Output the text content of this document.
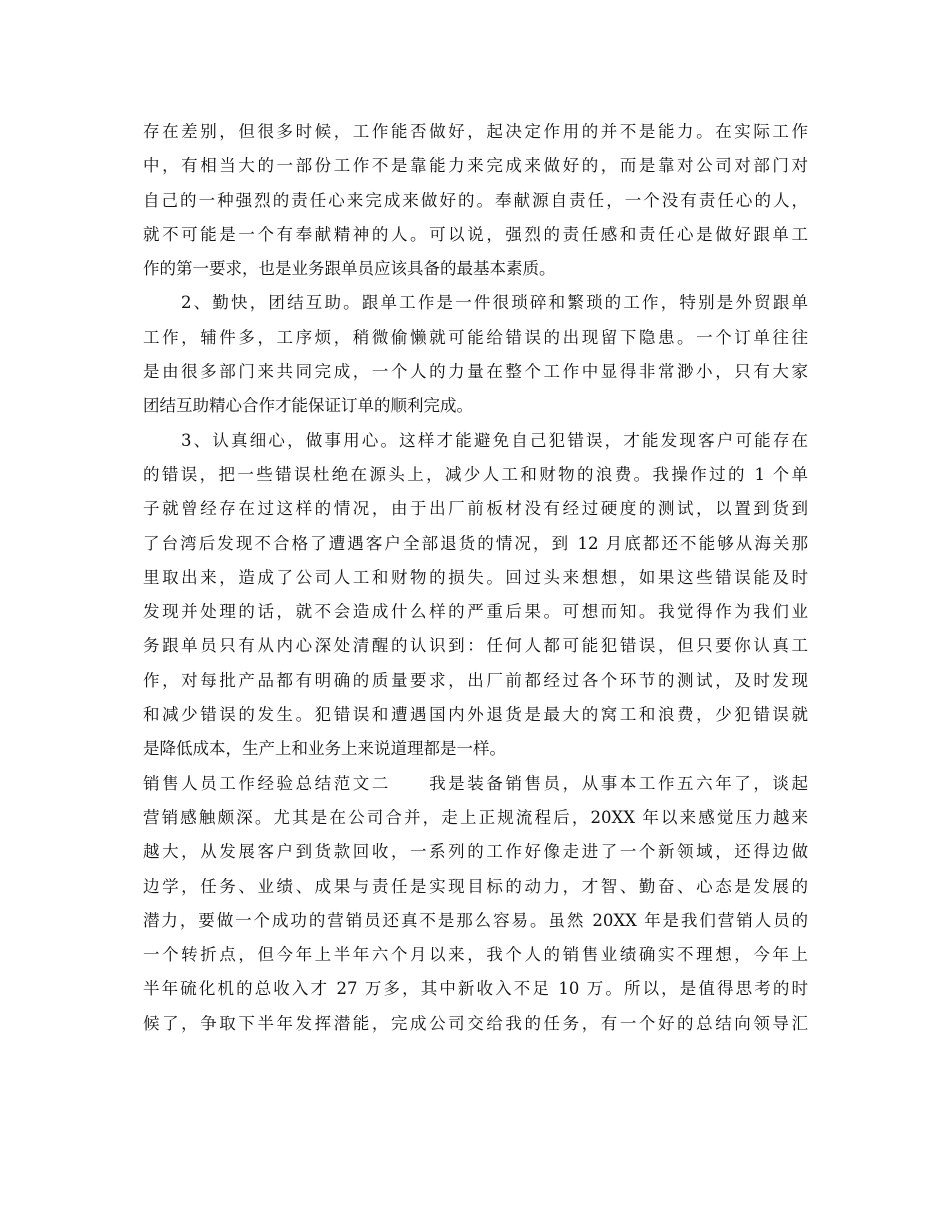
存在差别，但很多时候，工作能否做好，起决定作用的并不是能力。在实际工作
中，有相当大的一部份工作不是靠能力来完成来做好的，而是靠对公司对部门对
自己的一种强烈的责任心来完成来做好的。奉献源自责任，一个没有责任心的人，
就不可能是一个有奉献精神的人。可以说，强烈的责任感和责任心是做好跟单工
作的第一要求，也是业务跟单员应该具备的最基本素质。
2、勤快，团结互助。跟单工作是一件很琐碎和繁琐的工作，特别是外贸跟单
工作，辅件多，工序烦，稍微偷懒就可能给错误的出现留下隐患。一个订单往往
是由很多部门来共同完成，一个人的力量在整个工作中显得非常渺小，只有大家
团结互助精心合作才能保证订单的顺利完成。
3、认真细心，做事用心。这样才能避免自己犯错误，才能发现客户可能存在
的错误，把一些错误杜绝在源头上，减少人工和财物的浪费。我操作过的 1 个单
子就曾经存在过这样的情况，由于出厂前板材没有经过硬度的测试，以置到货到
了台湾后发现不合格了遭遇客户全部退货的情况，到 12 月底都还不能够从海关那
里取出来，造成了公司人工和财物的损失。回过头来想想，如果这些错误能及时
发现并处理的话，就不会造成什么样的严重后果。可想而知。我觉得作为我们业
务跟单员只有从内心深处清醒的认识到：任何人都可能犯错误，但只要你认真工
作，对每批产品都有明确的质量要求，出厂前都经过各个环节的测试，及时发现
和减少错误的发生。犯错误和遭遇国内外退货是最大的窝工和浪费，少犯错误就
是降低成本，生产上和业务上来说道理都是一样。
销售人员工作经验总结范文二　　我是装备销售员，从事本工作五六年了，谈起
营销感触颇深。尤其是在公司合并，走上正规流程后，20XX 年以来感觉压力越来
越大，从发展客户到货款回收，一系列的工作好像走进了一个新领域，还得边做
边学，任务、业绩、成果与责任是实现目标的动力，才智、勤奋、心态是发展的
潜力，要做一个成功的营销员还真不是那么容易。虽然 20XX 年是我们营销人员的
一个转折点，但今年上半年六个月以来，我个人的销售业绩确实不理想，今年上
半年硫化机的总收入才 27 万多，其中新收入不足 10 万。所以，是值得思考的时
候了，争取下半年发挥潜能，完成公司交给我的任务，有一个好的总结向领导汇
